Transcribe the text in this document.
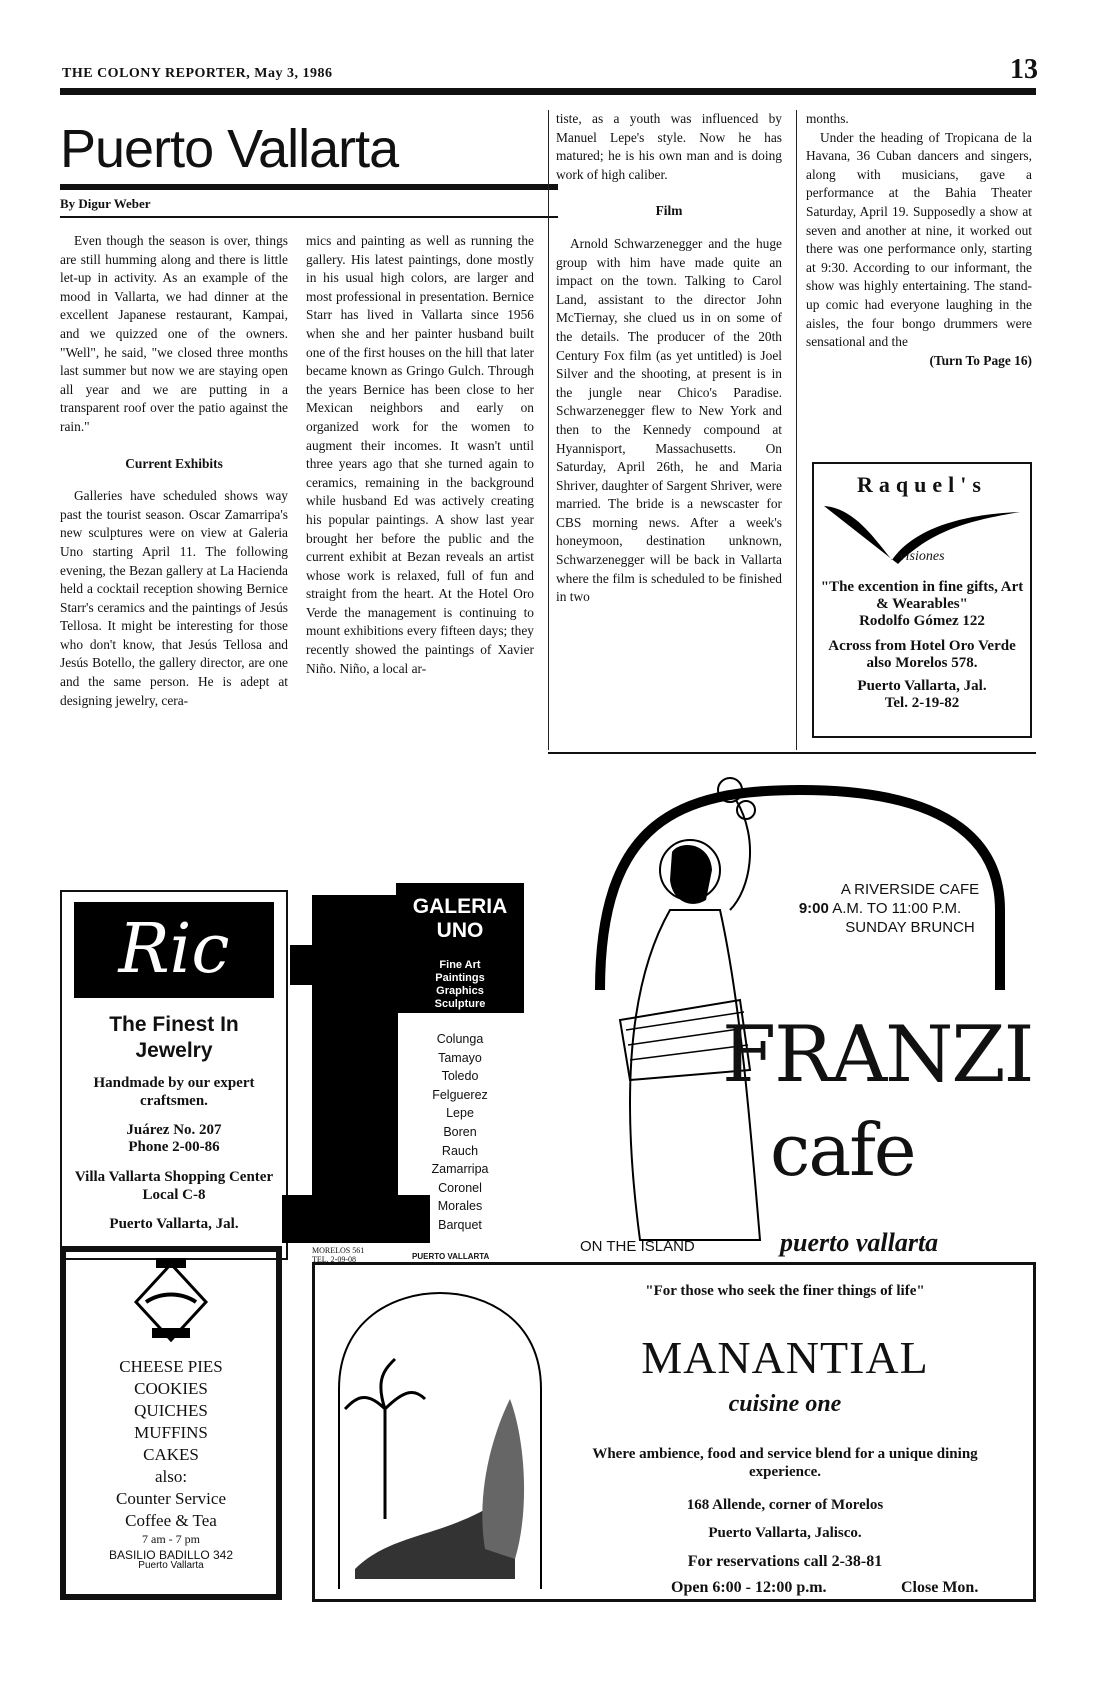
THE COLONY REPORTER, May 3, 1986	13
Puerto Vallarta
By Digur Weber

Even though the season is over, things are still humming along and there is little let-up in activity. As an example of the mood in Vallarta, we had dinner at the excellent Japanese restaurant, Kampai, and we quizzed one of the owners. "Well", he said, "we closed three months last summer but now we are staying open all year and we are putting in a transparent roof over the patio against the rain."

Current Exhibits

Galleries have scheduled shows way past the tourist season. Oscar Zamarripa's new sculptures were on view at Galeria Uno starting April 11. The following evening, the Bezan gallery at La Hacienda held a cocktail reception showing Bernice Starr's ceramics and the paintings of Jesús Tellosa. It might be interesting for those who don't know, that Jesús Tellosa and Jesús Botello, the gallery director, are one and the same person. He is adept at designing jewelry, cera-

mics and painting as well as running the gallery. His latest paintings, done mostly in his usual high colors, are larger and most professional in presentation. Bernice Starr has lived in Vallarta since 1956 when she and her painter husband built one of the first houses on the hill that later became known as Gringo Gulch. Through the years Bernice has been close to her Mexican neighbors and early on organized work for the women to augment their incomes. It wasn't until three years ago that she turned again to ceramics, remaining in the background while husband Ed was actively creating his popular paintings. A show last year brought her before the public and the current exhibit at Bezan reveals an artist whose work is relaxed, full of fun and straight from the heart. At the Hotel Oro Verde the management is continuing to mount exhibitions every fifteen days; they recently showed the paintings of Xavier Niño. Niño, a local ar-

tiste, as a youth was influenced by Manuel Lepe's style. Now he has matured; he is his own man and is doing work of high caliber.

Film

Arnold Schwarzenegger and the huge group with him have made quite an impact on the town. Talking to Carol Land, assistant to the director John McTiernay, she clued us in on some of the details. The producer of the 20th Century Fox film (as yet untitled) is Joel Silver and the shooting, at present is in the jungle near Chico's Paradise. Schwarzenegger flew to New York and then to the Kennedy compound at Hyannisport, Massachusetts. On Saturday, April 26th, he and Maria Shriver, daughter of Sargent Shriver, were married. The bride is a newscaster for CBS morning news. After a week's honeymoon, destination unknown, Schwarzenegger will be back in Vallarta where the film is scheduled to be finished in two

months.

Under the heading of Tropicana de la Havana, 36 Cuban dancers and singers, along with musicians, gave a performance at the Bahia Theater Saturday, April 19. Supposedly a show at seven and another at nine, it worked out there was one performance only, starting at 9:30. According to our informant, the show was highly entertaining. The stand-up comic had everyone laughing in the aisles, the four bongo drummers were sensational and the

(Turn To Page 16)

Raquel's
visiones
"The excention in fine gifts, Art & Wearables"
Rodolfo Gómez 122
Across from Hotel Oro Verde also Morelos 578.
Puerto Vallarta, Jal.
Tel. 2-19-82
Ric
The Finest In Jewelry
Handmade by our expert craftsmen.
Juárez No. 207
Phone 2-00-86
Villa Vallarta Shopping Center Local C-8
Puerto Vallarta, Jal.
GALERIA UNO
Fine Art
Paintings
Graphics
Sculpture
Colunga
Tamayo
Toledo
Felguerez
Lepe
Boren
Rauch
Zamarripa
Coronel
Morales
Barquet
MORELOS 561
TEL. 2-09-08	PUERTO VALLARTA
A RIVERSIDE CAFE
9:00 A.M. TO 11:00 P.M.
SUNDAY BRUNCH
FRANZI
cafe
ON THE ISLAND	puerto vallarta
CHEESE PIES
COOKIES
QUICHES
MUFFINS
CAKES
also:
Counter Service
Coffee & Tea
7 am - 7 pm
BASILIO BADILLO 342
Puerto Vallarta
"For those who seek the finer things of life"
MANANTIAL
cuisine one
Where ambience, food and service blend for a unique dining experience.
168 Allende, corner of Morelos
Puerto Vallarta, Jalisco.
For reservations call 2-38-81
Open 6:00 - 12:00 p.m.	Close Mon.
